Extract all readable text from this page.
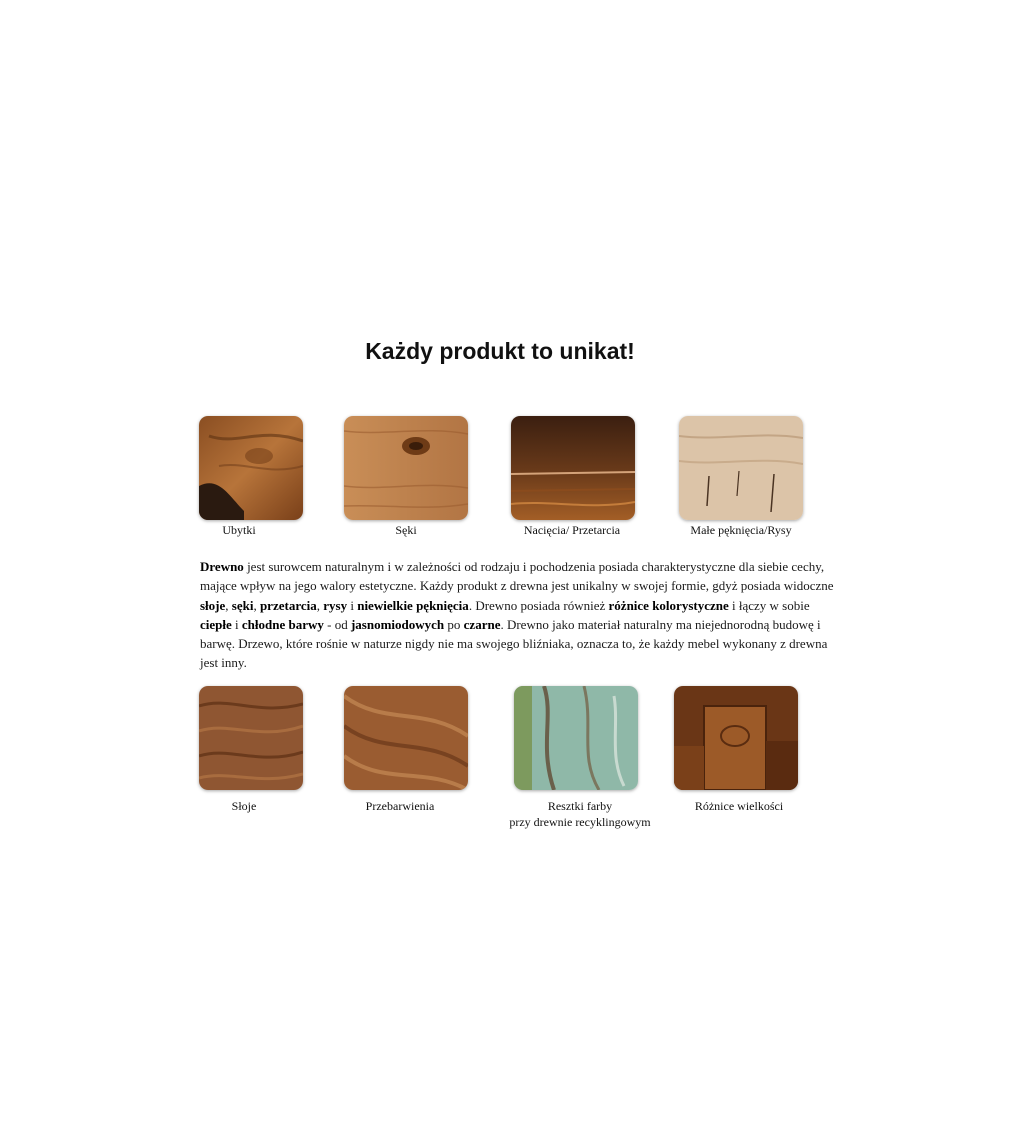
Każdy produkt to unikat!
Ubytki	Sęki	Nacięcia/ Przetarcia	Małe pęknięcia/Rysy
Drewno jest surowcem naturalnym i w zależności od rodzaju i pochodzenia posiada charakterystyczne dla siebie cechy, mające wpływ na jego walory estetyczne. Każdy produkt z drewna jest unikalny w swojej formie, gdyż posiada widoczne słoje, sęki, przetarcia, rysy i niewielkie pęknięcia. Drewno posiada również różnice kolorystyczne i łączy w sobie ciepłe i chłodne barwy - od jasnomiodowych po czarne. Drewno jako materiał naturalny ma niejednorodną budowę i barwę. Drzewo, które rośnie w naturze nigdy nie ma swojego bliźniaka, oznacza to, że każdy mebel wykonany z drewna jest inny.
Słoje	Przebarwienia	Resztki farby
przy drewnie recyklingowym
Różnice wielkości
